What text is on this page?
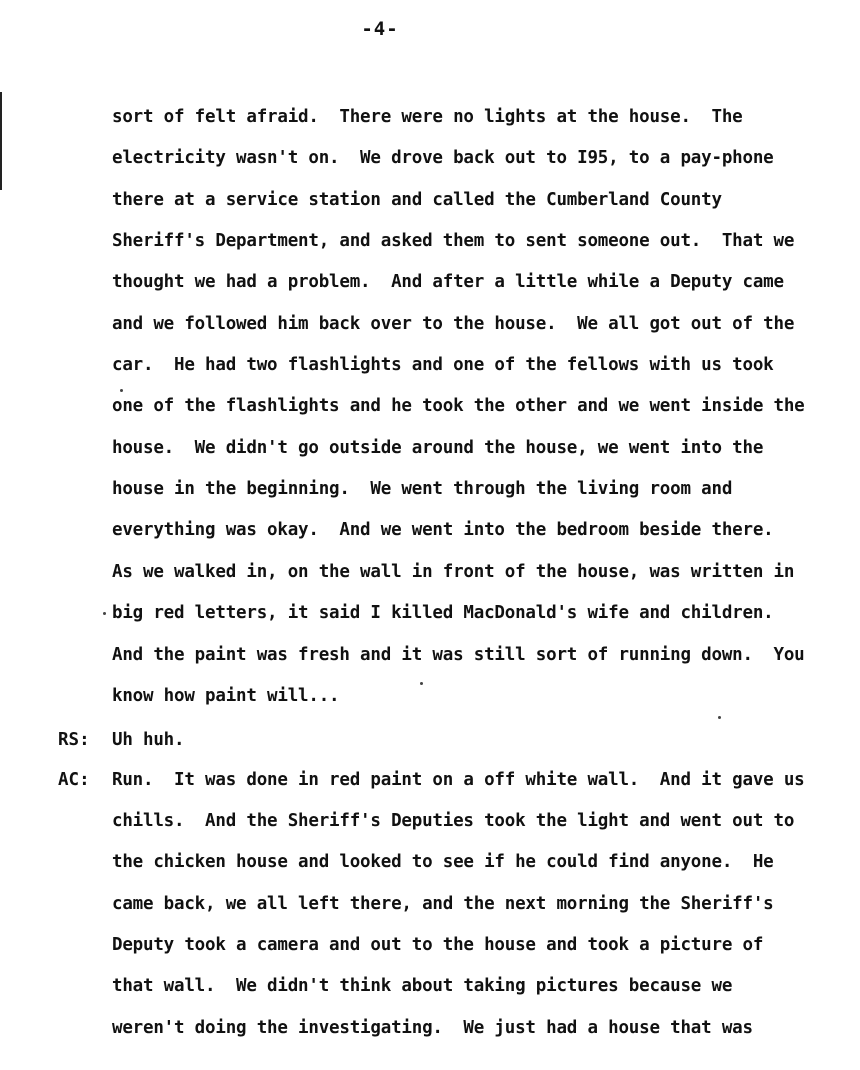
-4-
sort of felt afraid.  There were no lights at the house.  The
electricity wasn't on.  We drove back out to I95, to a pay-phone
there at a service station and called the Cumberland County
Sheriff's Department, and asked them to sent someone out.  That we
thought we had a problem.  And after a little while a Deputy came
and we followed him back over to the house.  We all got out of the
car.  He had two flashlights and one of the fellows with us took
one of the flashlights and he took the other and we went inside the
house.  We didn't go outside around the house, we went into the
house in the beginning.  We went through the living room and
everything was okay.  And we went into the bedroom beside there.
As we walked in, on the wall in front of the house, was written in
big red letters, it said I killed MacDonald's wife and children.
And the paint was fresh and it was still sort of running down.  You
know how paint will...
RS: Uh huh.
AC: Run.  It was done in red paint on a off white wall.  And it gave us
chills.  And the Sheriff's Deputies took the light and went out to
the chicken house and looked to see if he could find anyone.  He
came back, we all left there, and the next morning the Sheriff's
Deputy took a camera and out to the house and took a picture of
that wall.  We didn't think about taking pictures because we
weren't doing the investigating.  We just had a house that was
